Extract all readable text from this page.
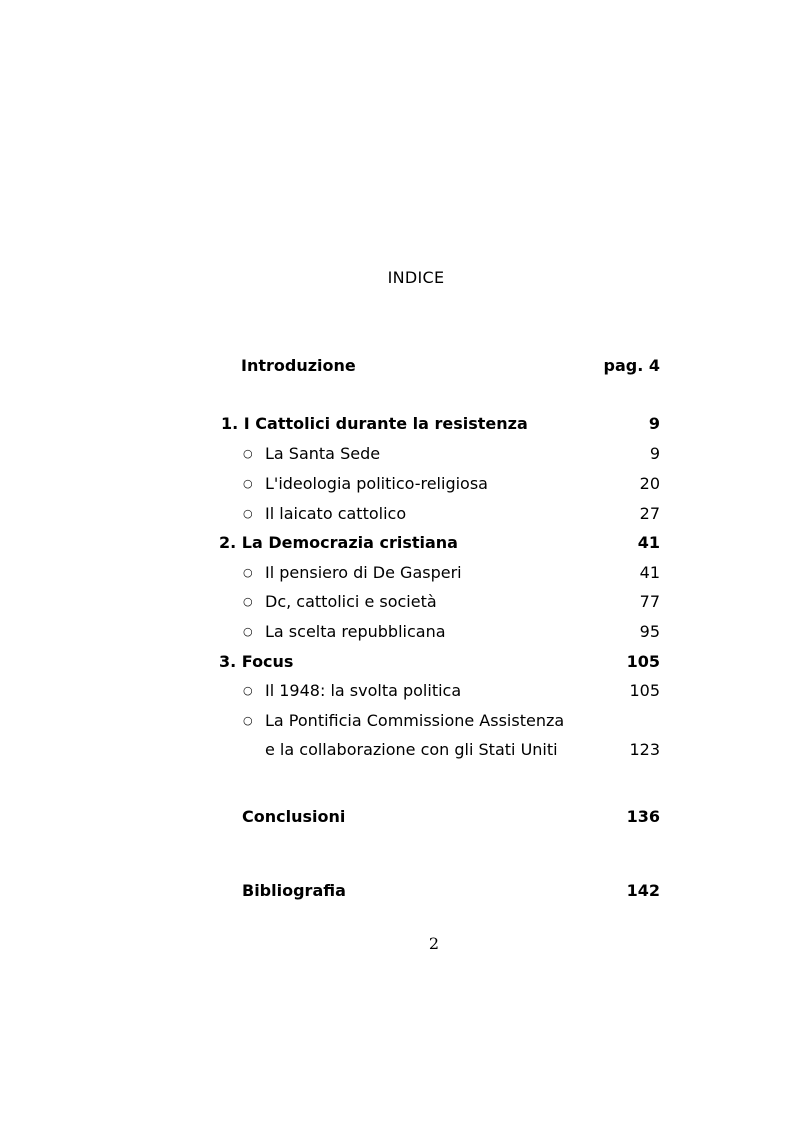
INDICE
Introduzione	pag. 4
1. I Cattolici durante la resistenza	9
○ La Santa Sede	9
○ L'ideologia politico-religiosa	20
○ Il laicato cattolico	27
2. La Democrazia cristiana	41
○ Il pensiero di De Gasperi	41
○ Dc, cattolici e società	77
○ La scelta repubblicana	95
3. Focus	105
○ Il 1948: la svolta politica	105
○ La Pontificia Commissione Assistenza
e la collaborazione con gli Stati Uniti	123
Conclusioni	136
Bibliografia	142
2
